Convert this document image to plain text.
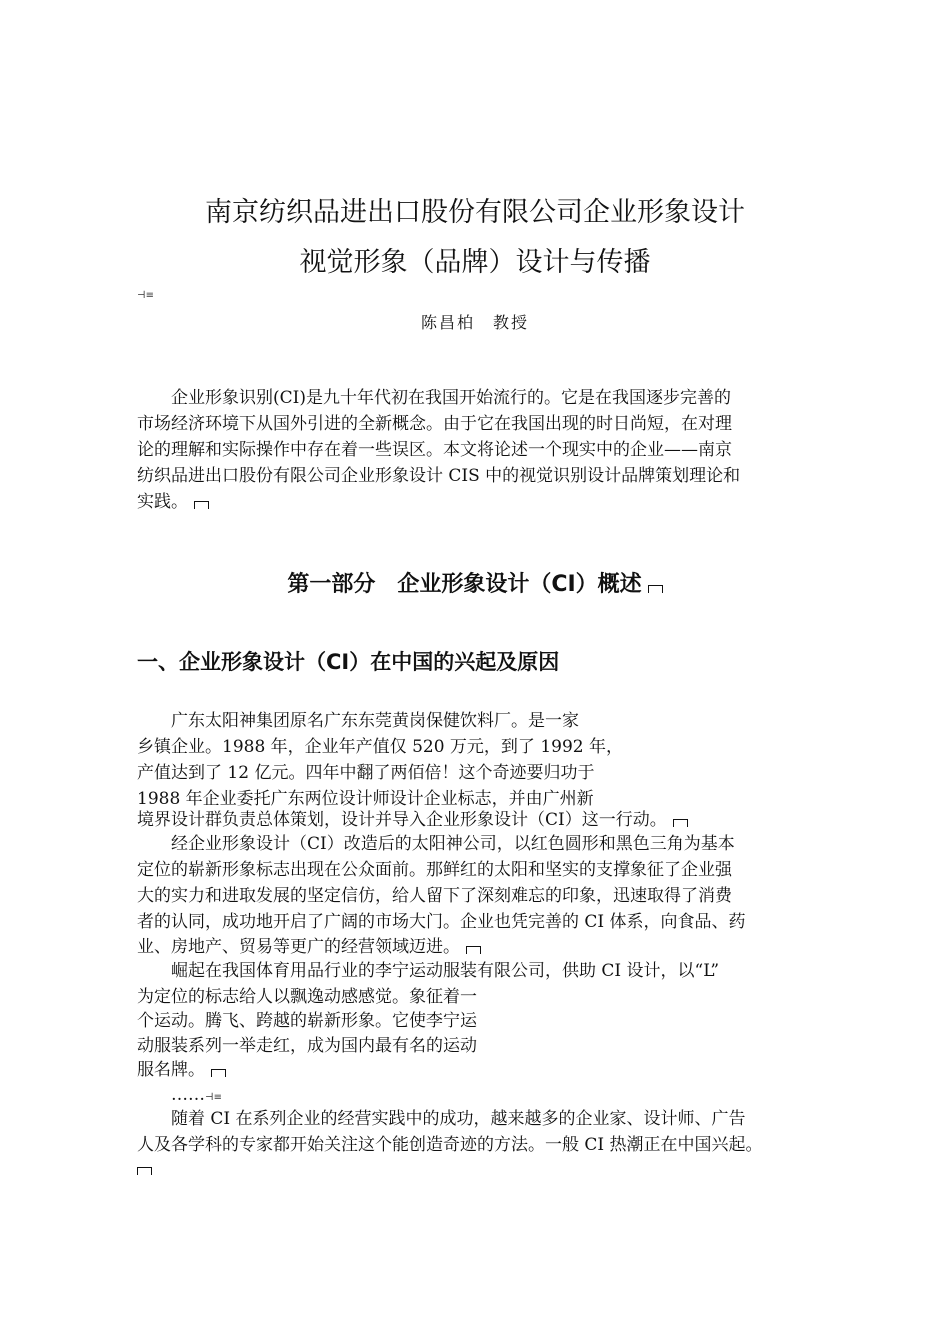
南京纺织品进出口股份有限公司企业形象设计
视觉形象（品牌）设计与传播
⊣≡
陈昌柏　教授
　　企业形象识别(CI)是九十年代初在我国开始流行的。它是在我国逐步完善的
市场经济环境下从国外引进的全新概念。由于它在我国出现的时日尚短，在对理
论的理解和实际操作中存在着一些误区。本文将论述一个现实中的企业——南京
纺织品进出口股份有限公司企业形象设计 CIS 中的视觉识别设计品牌策划理论和
实践。
第一部分　企业形象设计（CI）概述
一、企业形象设计（CI）在中国的兴起及原因
　　广东太阳神集团原名广东东莞黄岗保健饮料厂。是一家
乡镇企业。1988 年，企业年产值仅 520 万元，到了 1992 年，
产值达到了 12 亿元。四年中翻了两佰倍！这个奇迹要归功于
1988 年企业委托广东两位设计师设计企业标志，并由广州新
境界设计群负责总体策划，设计并导入企业形象设计（CI）这一行动。
　　经企业形象设计（CI）改造后的太阳神公司，以红色圆形和黑色三角为基本
定位的崭新形象标志出现在公众面前。那鲜红的太阳和坚实的支撑象征了企业强
大的实力和进取发展的坚定信仿，给人留下了深刻难忘的印象，迅速取得了消费
者的认同，成功地开启了广阔的市场大门。企业也凭完善的 CI 体系，向食品、药
业、房地产、贸易等更广的经营领域迈进。
　　崛起在我国体育用品行业的李宁运动服装有限公司，供助 CI 设计，以“L”
为定位的标志给人以飘逸动感感觉。象征着一
个运动。腾飞、跨越的崭新形象。它使李宁运
动服装系列一举走红，成为国内最有名的运动
服名牌。
　　……⊣≡
　　随着 CI 在系列企业的经营实践中的成功，越来越多的企业家、设计师、广告
人及各学科的专家都开始关注这个能创造奇迹的方法。一般 CI 热潮正在中国兴起。
